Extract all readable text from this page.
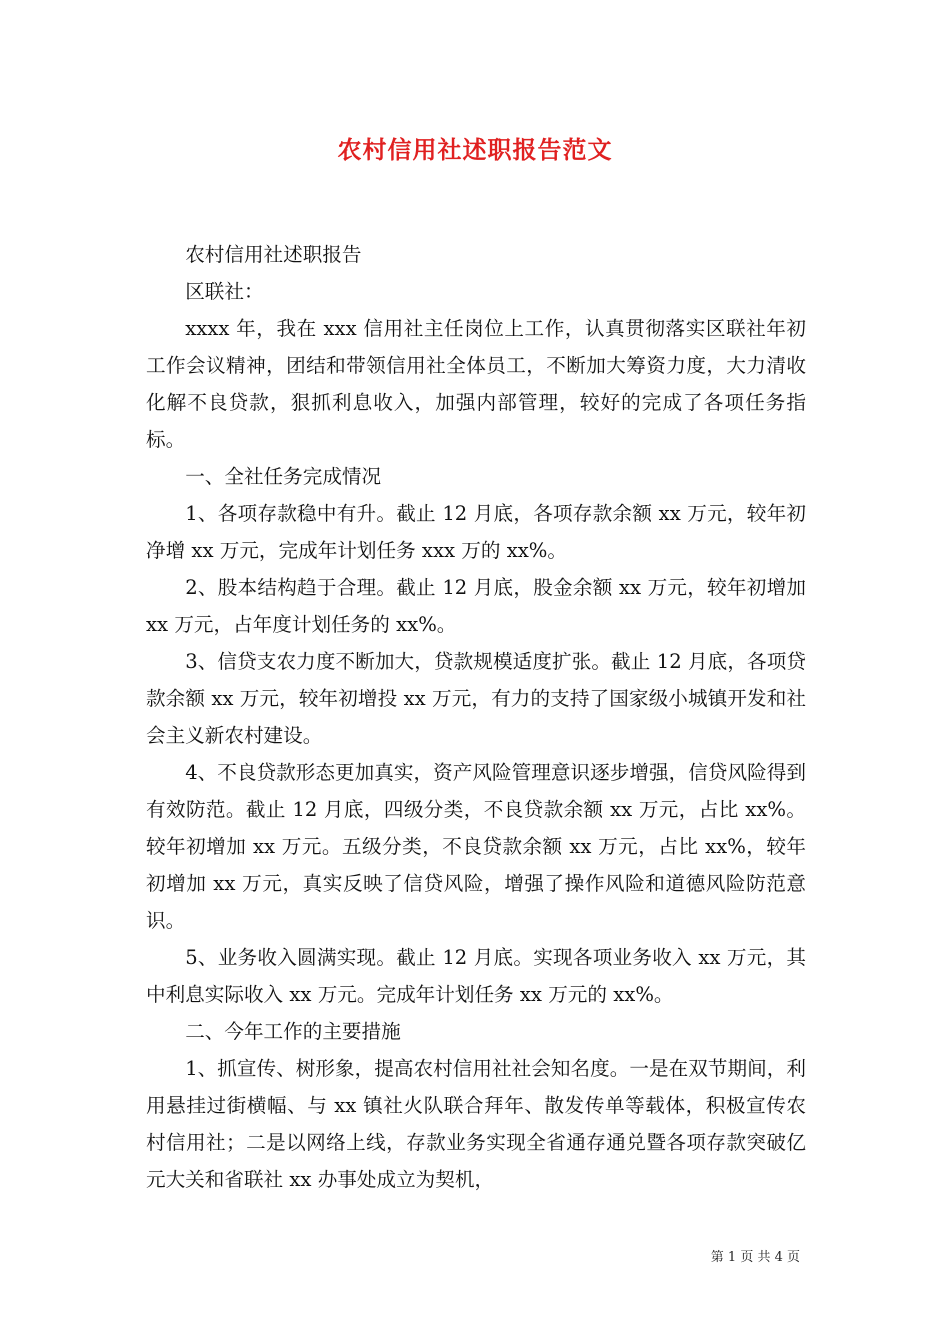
农村信用社述职报告范文

农村信用社述职报告

区联社：

xxxx 年，我在 xxx 信用社主任岗位上工作，认真贯彻落实区联社年初工作会议精神，团结和带领信用社全体员工，不断加大筹资力度，大力清收化解不良贷款，狠抓利息收入，加强内部管理，较好的完成了各项任务指标。

一、全社任务完成情况

1、各项存款稳中有升。截止 12 月底，各项存款余额 xx 万元，较年初净增 xx 万元，完成年计划任务 xxx 万的 xx%。

2、股本结构趋于合理。截止 12 月底，股金余额 xx 万元，较年初增加 xx 万元，占年度计划任务的 xx%。

3、信贷支农力度不断加大，贷款规模适度扩张。截止 12 月底，各项贷款余额 xx 万元，较年初增投 xx 万元，有力的支持了国家级小城镇开发和社会主义新农村建设。

4、不良贷款形态更加真实，资产风险管理意识逐步增强，信贷风险得到有效防范。截止 12 月底，四级分类，不良贷款余额 xx 万元，占比 xx%。较年初增加 xx 万元。五级分类，不良贷款余额 xx 万元，占比 xx%，较年初增加 xx 万元，真实反映了信贷风险，增强了操作风险和道德风险防范意识。

5、业务收入圆满实现。截止 12 月底。实现各项业务收入 xx 万元，其中利息实际收入 xx 万元。完成年计划任务 xx 万元的 xx%。

二、今年工作的主要措施

1、抓宣传、树形象，提高农村信用社社会知名度。一是在双节期间，利用悬挂过街横幅、与 xx 镇社火队联合拜年、散发传单等载体，积极宣传农村信用社；二是以网络上线，存款业务实现全省通存通兑暨各项存款突破亿元大关和省联社 xx 办事处成立为契机，

第 1 页 共 4 页
